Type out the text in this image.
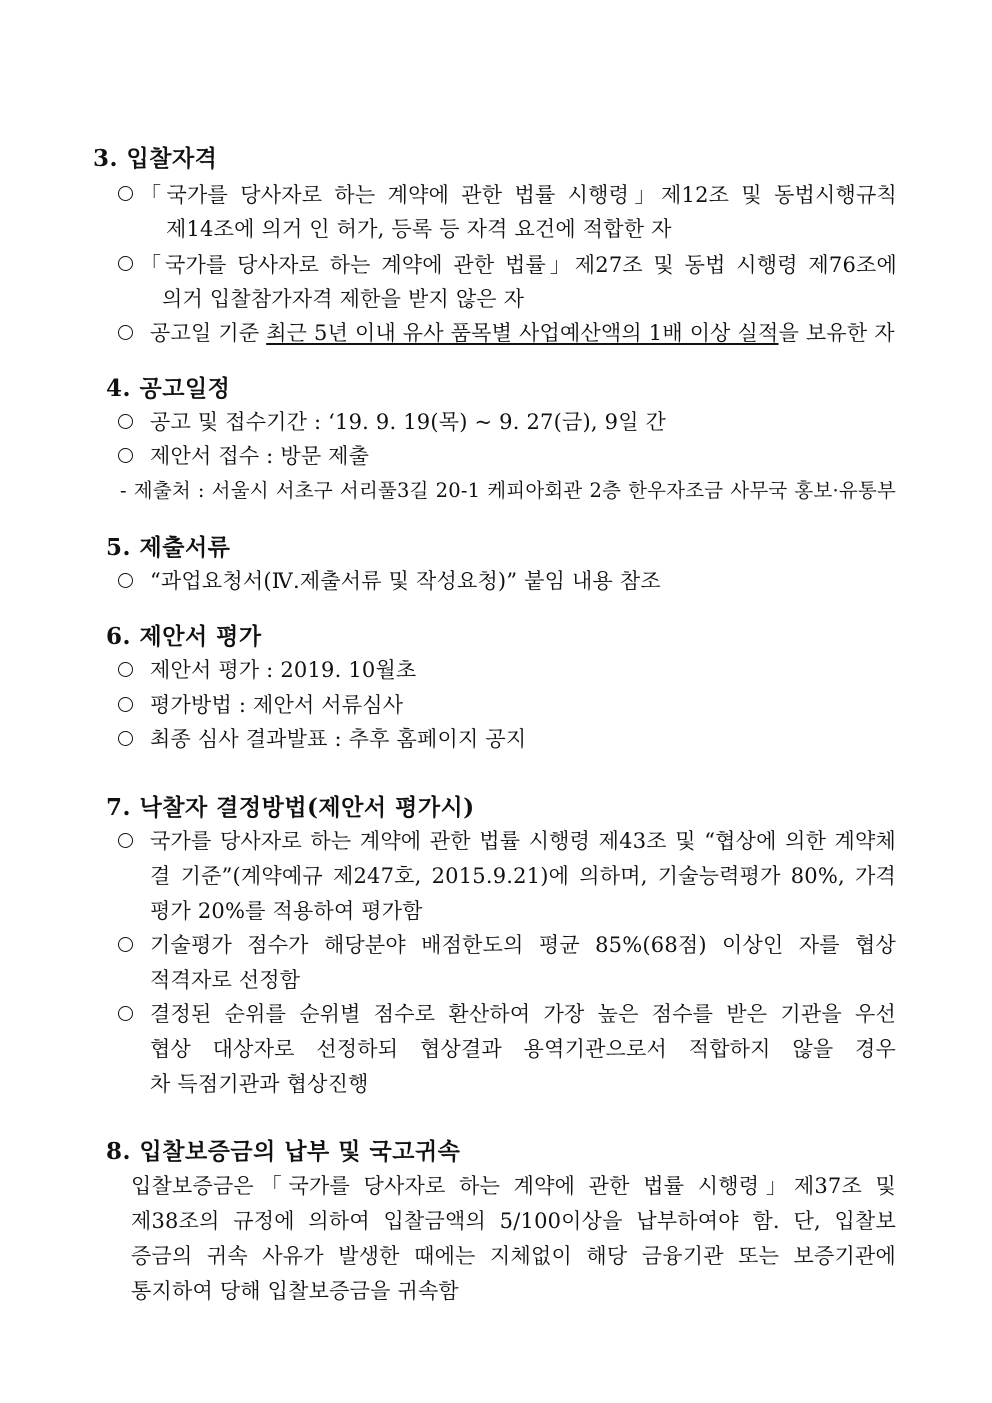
3. 입찰자격
「국가를 당사자로 하는 계약에 관한 법률 시행령」제12조 및 동법시행규칙
제14조에 의거 인 허가, 등록 등 자격 요건에 적합한 자
「국가를 당사자로 하는 계약에 관한 법률」제27조 및 동법 시행령 제76조에
의거 입찰참가자격 제한을 받지 않은 자
공고일 기준 최근 5년 이내 유사 품목별 사업예산액의 1배 이상 실적을 보유한 자
4. 공고일정
공고 및 접수기간 : ‘19. 9. 19(목) ~ 9. 27(금), 9일 간
제안서 접수 : 방문 제출
- 제출처 : 서울시 서초구 서리풀3길 20-1 케피아회관 2층 한우자조금 사무국 홍보·유통부
5. 제출서류
“과업요청서(Ⅳ.제출서류 및 작성요청)” 붙임 내용 참조
6. 제안서 평가
제안서 평가 : 2019. 10월초
평가방법 : 제안서 서류심사
최종 심사 결과발표 : 추후 홈페이지 공지
7. 낙찰자 결정방법(제안서 평가시)
국가를 당사자로 하는 계약에 관한 법률 시행령 제43조 및 “협상에 의한 계약체
결 기준”(계약예규 제247호, 2015.9.21)에 의하며, 기술능력평가 80%, 가격
평가 20%를 적용하여 평가함
기술평가 점수가 해당분야 배점한도의 평균 85%(68점) 이상인 자를 협상
적격자로 선정함
결정된 순위를 순위별 점수로 환산하여 가장 높은 점수를 받은 기관을 우선
협상 대상자로 선정하되 협상결과 용역기관으로서 적합하지 않을 경우
차 득점기관과 협상진행
8. 입찰보증금의 납부 및 국고귀속
입찰보증금은「국가를 당사자로 하는 계약에 관한 법률 시행령」제37조 및
제38조의 규정에 의하여 입찰금액의 5/100이상을 납부하여야 함. 단, 입찰보
증금의 귀속 사유가 발생한 때에는 지체없이 해당 금융기관 또는 보증기관에
통지하여 당해 입찰보증금을 귀속함
